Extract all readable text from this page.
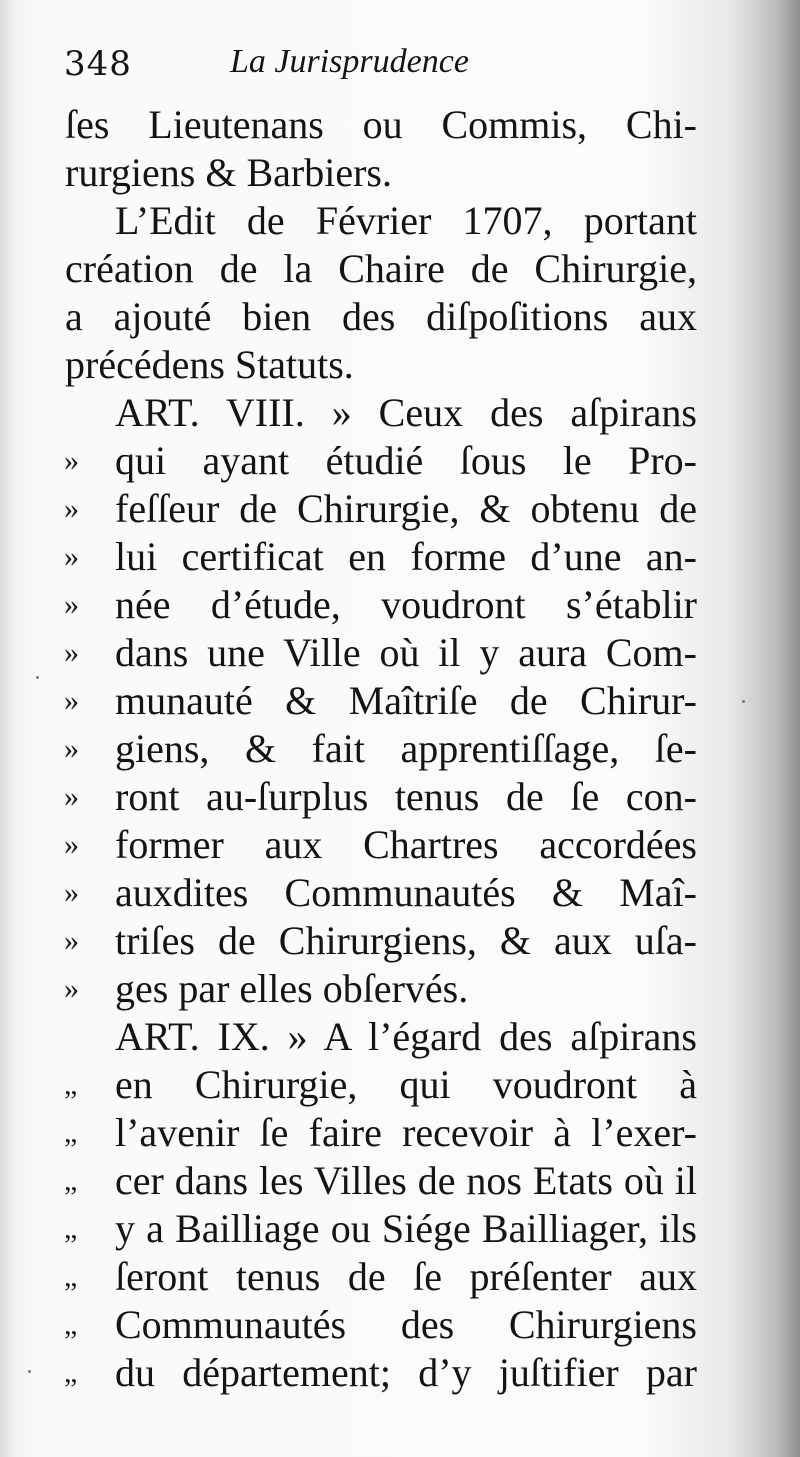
348	La Jurisprudence
ſes Lieutenans ou Commis, Chi-
rurgiens & Barbiers.
L’Edit de Février 1707, portant
création de la Chaire de Chirurgie,
a ajouté bien des diſpoſitions aux
précédens Statuts.
ART. VIII. » Ceux des aſpirans
» qui ayant étudié ſous le Pro-
» feſſeur de Chirurgie, & obtenu de
» lui certificat en forme d’une an-
» née d’étude, voudront s’établir
» dans une Ville où il y aura Com-
» munauté & Maîtriſe de Chirur-
» giens, & fait apprentiſſage, ſe-
» ront au-ſurplus tenus de ſe con-
» former aux Chartres accordées
» auxdites Communautés & Maî-
» triſes de Chirurgiens, & aux uſa-
» ges par elles obſervés.
ART. IX. » A l’égard des aſpirans
„ en Chirurgie, qui voudront à
„ l’avenir ſe faire recevoir à l’exer-
„ cer dans les Villes de nos Etats où il
„ y a Bailliage ou Siége Bailliager, ils
„ ſeront tenus de ſe préſenter aux
„ Communautés des Chirurgiens
„ du département; d’y juſtifier par
